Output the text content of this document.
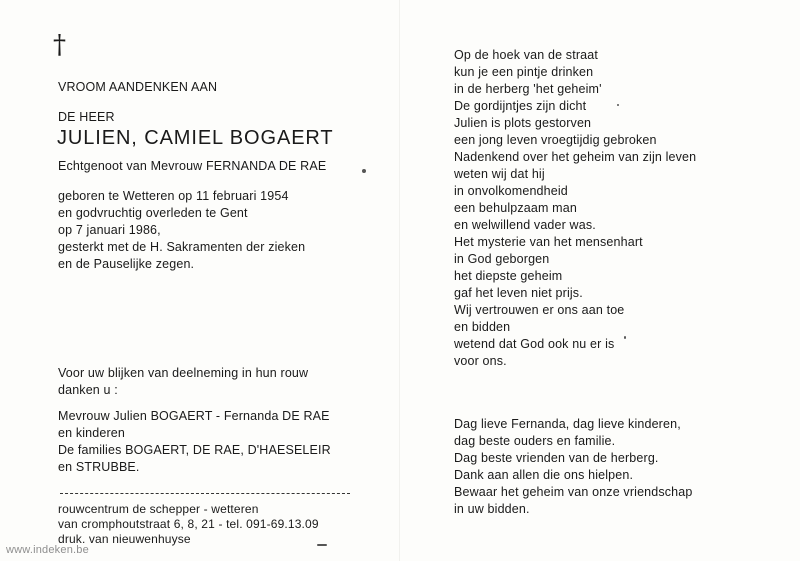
†
VROOM AANDENKEN AAN
DE HEER
JULIEN, CAMIEL BOGAERT
Echtgenoot van Mevrouw FERNANDA DE RAE
geboren te Wetteren op 11 februari 1954
en godvruchtig overleden te Gent
op 7 januari 1986,
gesterkt met de H. Sakramenten der zieken
en de Pauselijke zegen.
Voor uw blijken van deelneming in hun rouw
danken u :
Mevrouw Julien BOGAERT - Fernanda DE RAE
en kinderen
De families BOGAERT, DE RAE, D'HAESELEIR
en STRUBBE.
rouwcentrum de schepper - wetteren
van cromphoutstraat 6, 8, 21 - tel. 091-69.13.09
druk. van nieuwenhuyse
Op de hoek van de straat
kun je een pintje drinken
in de herberg 'het geheim'
De gordijntjes zijn dicht
Julien is plots gestorven
een jong leven vroegtijdig gebroken
Nadenkend over het geheim van zijn leven
weten wij dat hij
in onvolkomendheid
een behulpzaam man
en welwillend vader was.
Het mysterie van het mensenhart
in God geborgen
het diepste geheim
gaf het leven niet prijs.
Wij vertrouwen er ons aan toe
en bidden
wetend dat God ook nu er is
voor ons.
Dag lieve Fernanda, dag lieve kinderen,
dag beste ouders en familie.
Dag beste vrienden van de herberg.
Dank aan allen die ons hielpen.
Bewaar het geheim van onze vriendschap
in uw bidden.
www.indeken.be
